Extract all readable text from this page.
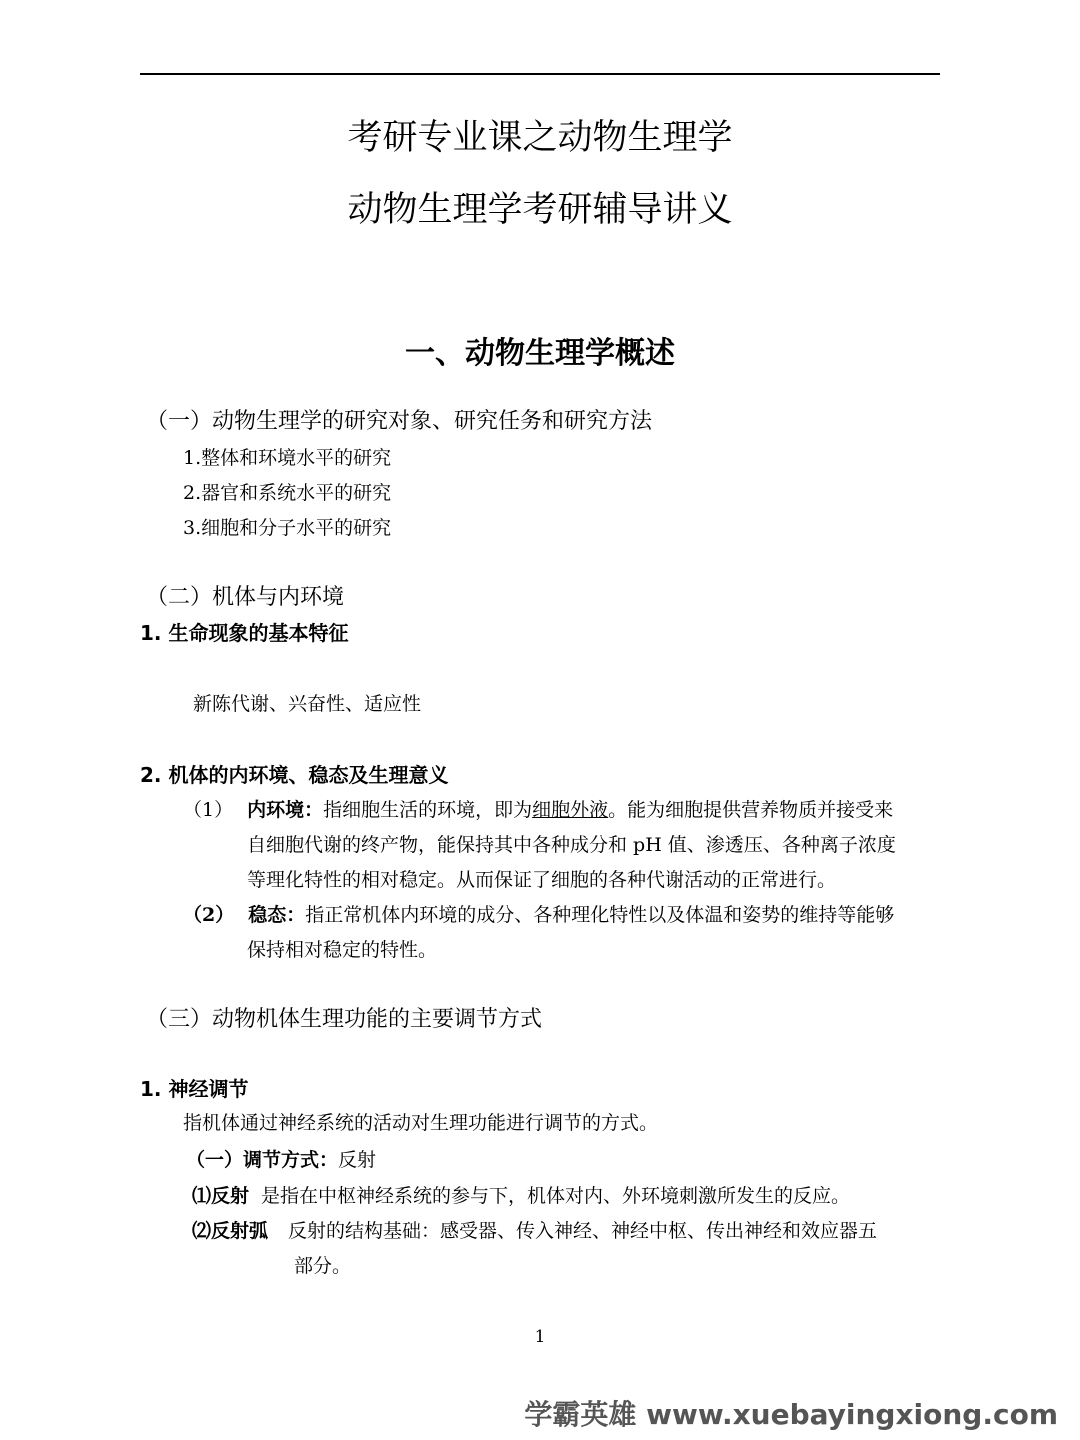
考研专业课之动物生理学
动物生理学考研辅导讲义
一、动物生理学概述
（一）动物生理学的研究对象、研究任务和研究方法
1.整体和环境水平的研究
2.器官和系统水平的研究
3.细胞和分子水平的研究
（二）机体与内环境
1. 生命现象的基本特征
新陈代谢、兴奋性、适应性
2. 机体的内环境、稳态及生理意义
（1） 内环境：指细胞生活的环境，即为细胞外液。能为细胞提供营养物质并接受来
自细胞代谢的终产物，能保持其中各种成分和 pH 值、渗透压、各种离子浓度
等理化特性的相对稳定。从而保证了细胞的各种代谢活动的正常进行。
（2） 稳态：指正常机体内环境的成分、各种理化特性以及体温和姿势的维持等能够
保持相对稳定的特性。
（三）动物机体生理功能的主要调节方式
1. 神经调节
指机体通过神经系统的活动对生理功能进行调节的方式。
（一）调节方式：反射
⑴反射 是指在中枢神经系统的参与下，机体对内、外环境刺激所发生的反应。
⑵反射弧 反射的结构基础：感受器、传入神经、神经中枢、传出神经和效应器五
部分。
1
学霸英雄 www.xuebayingxiong.com
